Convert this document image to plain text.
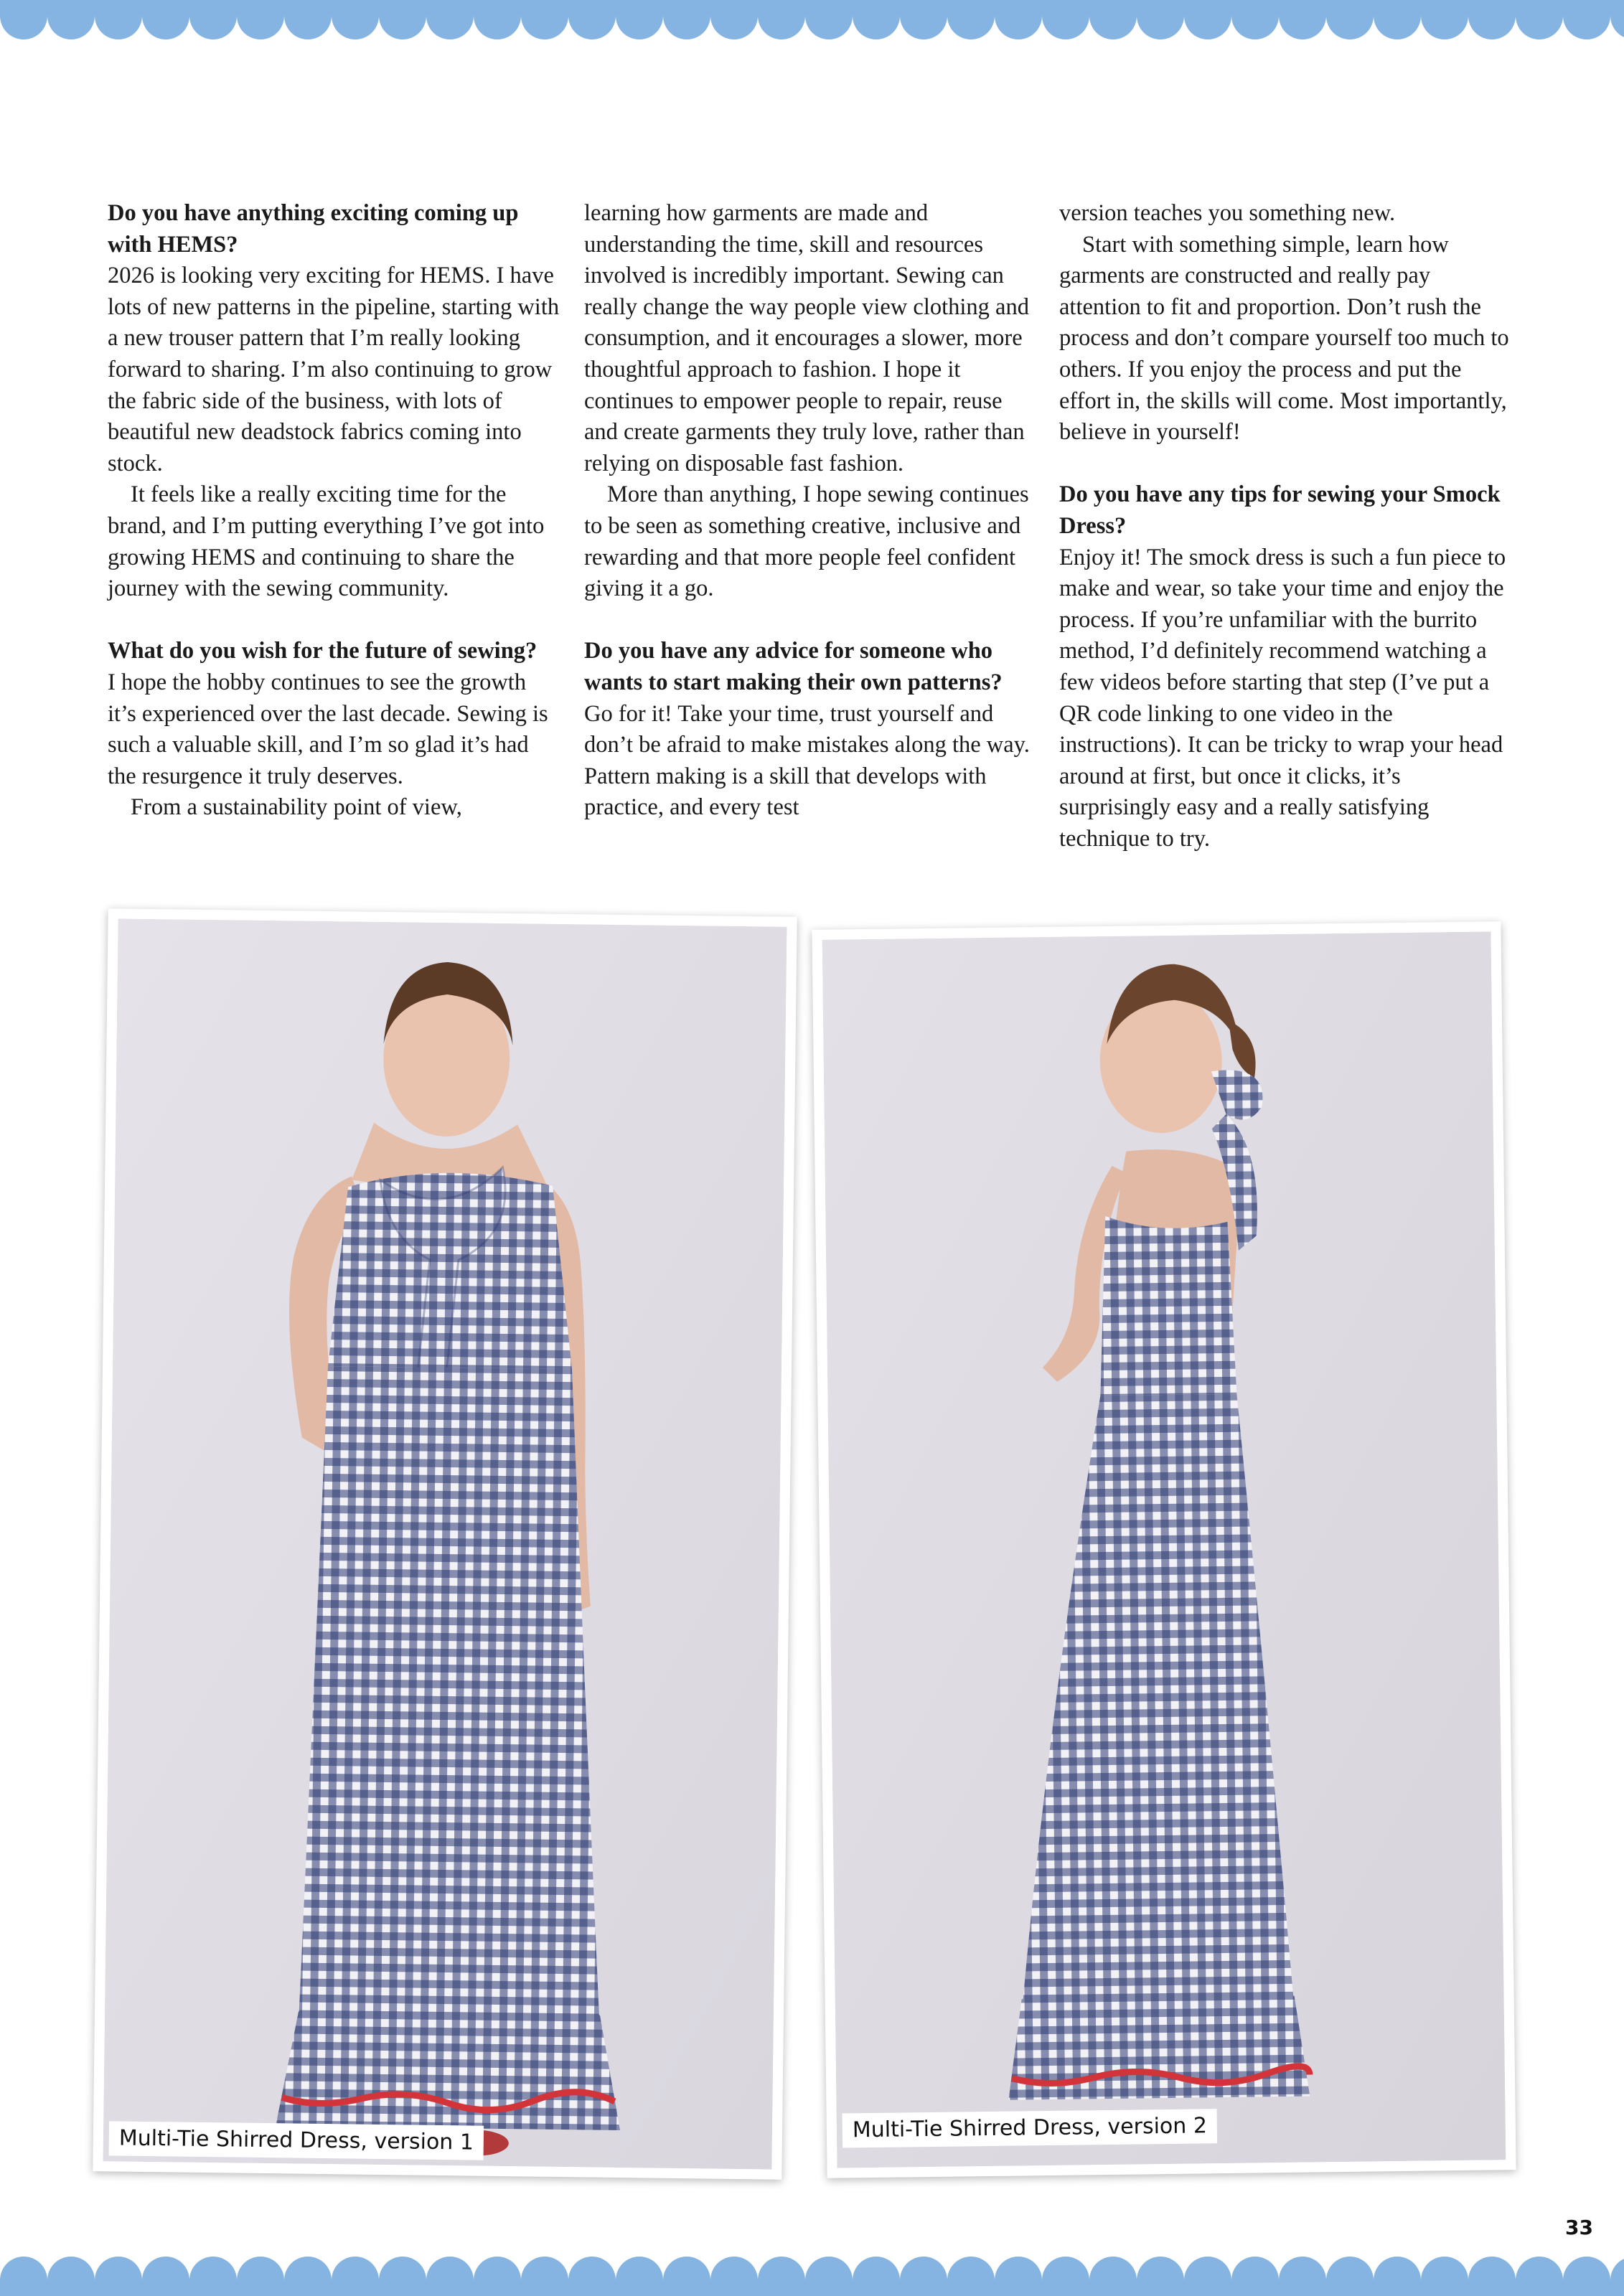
Do you have anything exciting coming up with HEMS?

2026 is looking very exciting for HEMS. I have lots of new patterns in the pipeline, starting with a new trouser pattern that I’m really looking forward to sharing. I’m also continuing to grow the fabric side of the business, with lots of beautiful new deadstock fabrics coming into stock.

It feels like a really exciting time for the brand, and I’m putting everything I’ve got into growing HEMS and continuing to share the journey with the sewing community.

What do you wish for the future of sewing?

I hope the hobby continues to see the growth it’s experienced over the last decade. Sewing is such a valuable skill, and I’m so glad it’s had the resurgence it truly deserves.

From a sustainability point of view,

learning how garments are made and understanding the time, skill and resources involved is incredibly important. Sewing can really change the way people view clothing and consumption, and it encourages a slower, more thoughtful approach to fashion. I hope it continues to empower people to repair, reuse and create garments they truly love, rather than relying on disposable fast fashion.

More than anything, I hope sewing continues to be seen as something creative, inclusive and rewarding and that more people feel confident giving it a go.

Do you have any advice for someone who wants to start making their own patterns?

Go for it! Take your time, trust yourself and don’t be afraid to make mistakes along the way. Pattern making is a skill that develops with practice, and every test

version teaches you something new.

Start with something simple, learn how garments are constructed and really pay attention to fit and proportion. Don’t rush the process and don’t compare yourself too much to others. If you enjoy the process and put the effort in, the skills will come. Most importantly, believe in yourself!

Do you have any tips for sewing your Smock Dress?

Enjoy it! The smock dress is such a fun piece to make and wear, so take your time and enjoy the process. If you’re unfamiliar with the burrito method, I’d definitely recommend watching a few videos before starting that step (I’ve put a QR code linking to one video in the instructions). It can be tricky to wrap your head around at first, but once it clicks, it’s surprisingly easy and a really satisfying technique to try.

Multi-Tie Shirred Dress, version 1	Multi-Tie Shirred Dress, version 2
33
